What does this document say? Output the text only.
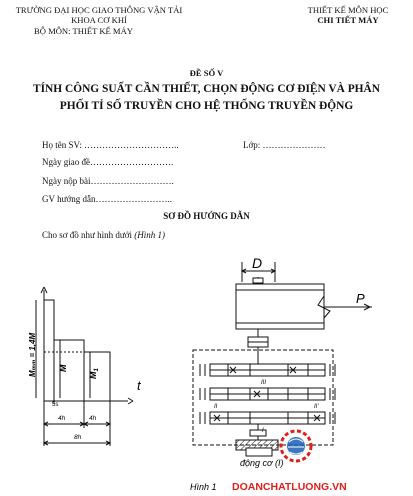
TRƯỜNG ĐẠI HỌC GIAO THÔNG VẬN TẢI
KHOA CƠ KHÍ
BỘ MÔN: THIẾT KẾ MÁY
THIẾT KẾ MÔN HỌC
CHI TIẾT MÁY
ĐỀ SỐ V
TÍNH CÔNG SUẤT CẦN THIẾT, CHỌN ĐỘNG CƠ ĐIỆN VÀ PHÂN
PHỐI TỈ SỐ TRUYỀN CHO HỆ THỐNG TRUYỀN ĐỘNG
Họ tên SV: …………………………..	Lớp: …………………
Ngày giao đề……………………….
Ngày nộp bài……………………….
GV hướng dẫn……………………..
SƠ ĐỒ HƯỚNG DẪN
Cho sơ đồ như hình dưới (Hình 1)
Mₘₘ = 1,4M M
$M_1$
t
5s
4h	4h
8h
D
P
III
II	II'
I
động cơ (I)
Hình 1 DOANCHATLUONG.VN
